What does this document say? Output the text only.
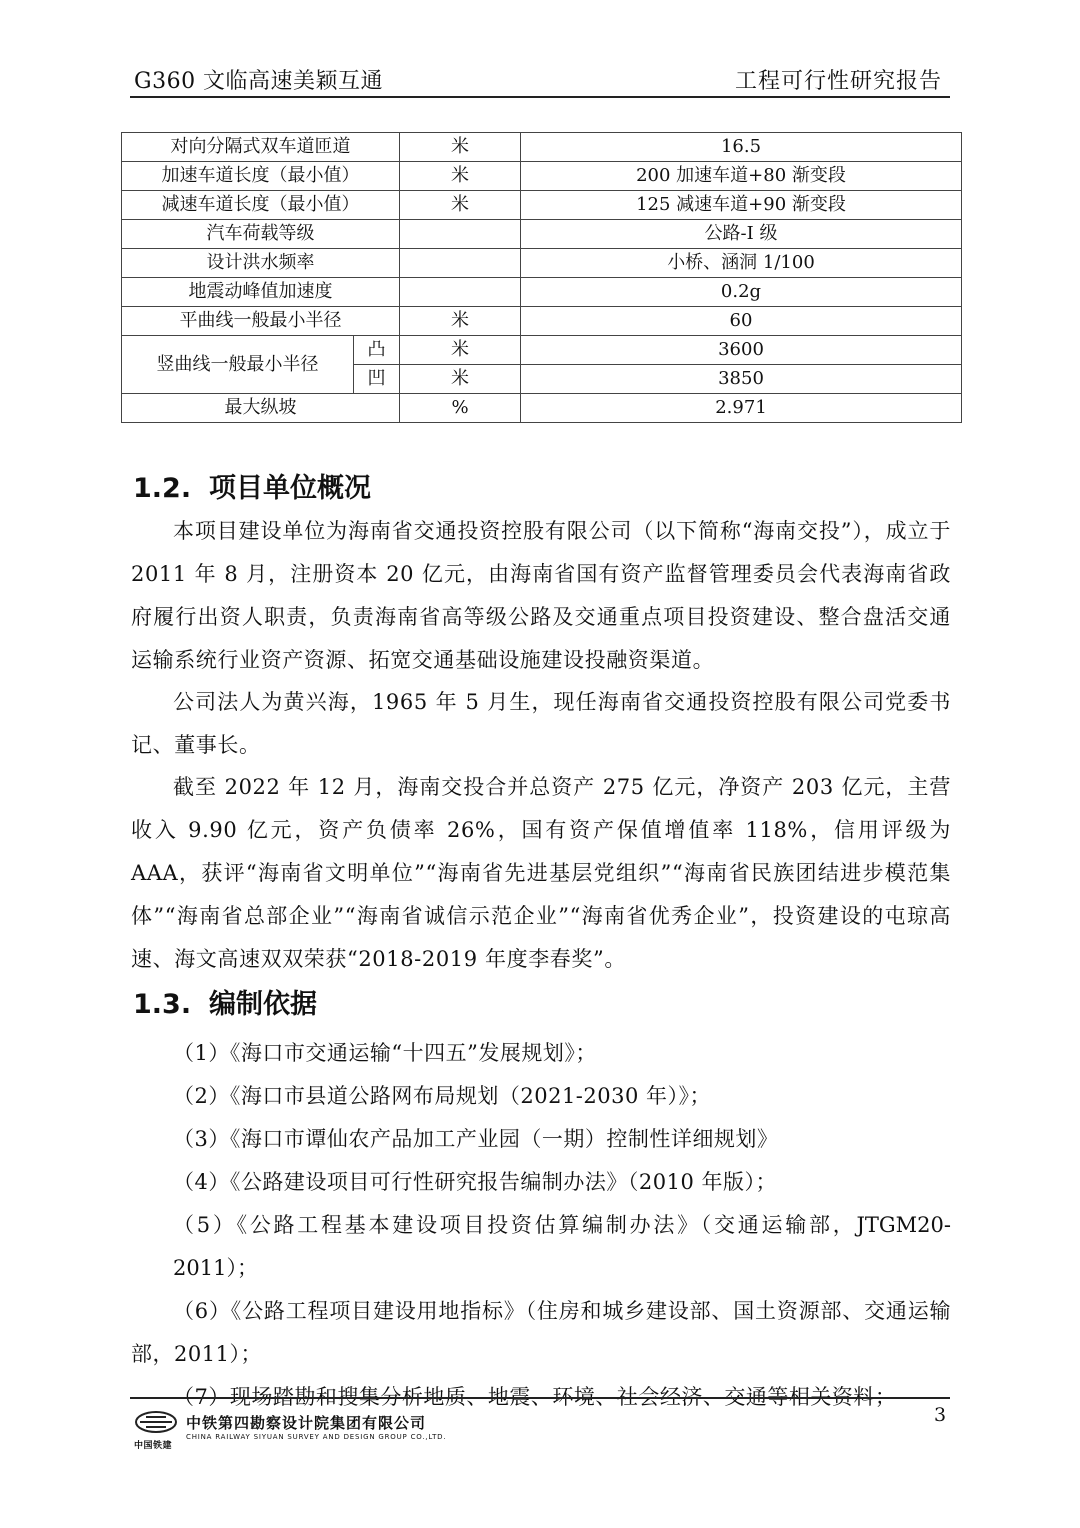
G360 文临高速美颖互通	工程可行性研究报告
对向分隔式双车道匝道		米	16.5
加速车道长度（最小值）		米	200 加速车道+80 渐变段
减速车道长度（最小值）		米	125 减速车道+90 渐变段
汽车荷载等级			公路-I 级
设计洪水频率			小桥、涵洞 1/100
地震动峰值加速度			0.2g
平曲线一般最小半径		米	60
竖曲线一般最小半径	凸	米	3600
	凹	米	3850
最大纵坡		%	2.971
1.2. 项目单位概况
本项目建设单位为海南省交通投资控股有限公司（以下简称“海南交投”），成立于 2011 年 8 月，注册资本 20 亿元，由海南省国有资产监督管理委员会代表海南省政府履行出资人职责，负责海南省高等级公路及交通重点项目投资建设、整合盘活交通运输系统行业资产资源、拓宽交通基础设施建设投融资渠道。
公司法人为黄兴海，1965 年 5 月生，现任海南省交通投资控股有限公司党委书记、董事长。
截至 2022 年 12 月，海南交投合并总资产 275 亿元，净资产 203 亿元，主营收入 9.90 亿元，资产负债率 26%，国有资产保值增值率 118%，信用评级为 AAA，获评“海南省文明单位”“海南省先进基层党组织”“海南省民族团结进步模范集体”“海南省总部企业”“海南省诚信示范企业”“海南省优秀企业”，投资建设的屯琼高速、海文高速双双荣获“2018-2019 年度李春奖”。
1.3. 编制依据
（1）《海口市交通运输“十四五”发展规划》；
（2）《海口市县道公路网布局规划（2021-2030 年）》；
（3）《海口市谭仙农产品加工产业园（一期）控制性详细规划》
（4）《公路建设项目可行性研究报告编制办法》（2010 年版）；
（5）《公路工程基本建设项目投资估算编制办法》（交通运输部，JTGM20-2011）；
（6）《公路工程项目建设用地指标》（住房和城乡建设部、国土资源部、交通运输部，2011）；
（7）现场踏勘和搜集分析地质、地震、环境、社会经济、交通等相关资料；
中国铁建
中铁第四勘察设计院集团有限公司
CHINA RAILWAY SIYUAN SURVEY AND DESIGN GROUP CO.,LTD.
3
